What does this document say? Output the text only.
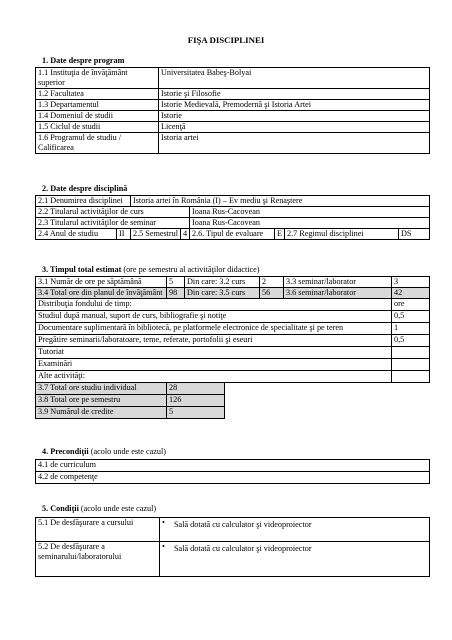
FIŞA DISCIPLINEI
1. Date despre program
1.1 Instituţia de învăţământ superior	Universitatea Babeş-Bolyai
1.2 Facultatea	Istorie şi Filosofie
1.3 Departamentul	Istorie Medievală, Premodernă şi Istoria Artei
1.4 Domeniul de studii	Istorie
1.5 Ciclul de studii	Licenţă
1.6 Programul de studiu / Calificarea	Istoria artei
2. Date despre disciplină
2.1 Denumirea disciplinei		Istoria artei în România (I) – Ev mediu şi Renaştere					
2.2 Titularul activităţilor de curs				Ioana Rus-Cacovean			
2.3 Titularul activităţilor de seminar				Ioana Rus-Cacovean			
2.4 Anul de studiu	II	2.5 Semestrul	4	2.6. Tipul de evaluare	E	2.7 Regimul disciplinei	DS
3. Timpul total estimat (ore pe semestru al activităţilor didactice)
3.1 Număr de ore pe săptămână	5	Din care: 3.2 curs	2	3.3 seminar/laborator	3
3.4 Total ore din planul de învăţământ	98	Din care: 3.5 curs	56	3.6 seminar/laborator	42
Distribuţia fondului de timp:	ore
Studiul după manual, suport de curs, bibliografie şi notiţe	0,5
Documentare suplimentară în bibliotecă, pe platformele electronice de specialitate şi pe teren	1
Pregătire seminarii/laboratoare, teme, referate, portofolii şi eseuri	0,5
Tutoriat	
Examinări	
Alte activităţi:	
3.7 Total ore studiu individual	28
3.8 Total ore pe semestru	126
3.9 Numărul de credite	5
4. Precondiţii (acolo unde este cazul)
4.1 de curriculum
4.2 de competenţe
5. Condiţii (acolo unde este cazul)
5.1 De desfăşurare a cursului	• Sală dotată cu calculator şi videoproiector
5.2 De desfăşurare a seminarului/laboratorului	• Sală dotată cu calculator şi videoproiector
